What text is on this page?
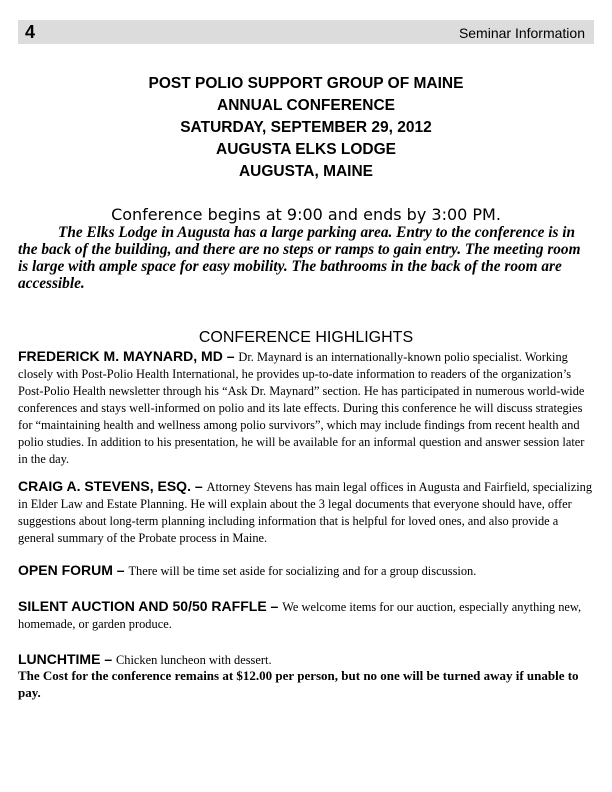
4	Seminar Information
POST POLIO SUPPORT GROUP OF MAINE
ANNUAL CONFERENCE
SATURDAY, SEPTEMBER 29, 2012
AUGUSTA ELKS LODGE
AUGUSTA, MAINE
Conference begins at 9:00 and ends by 3:00 PM.

The Elks Lodge in Augusta has a large parking area. Entry to the conference is in the back of the building, and there are no steps or ramps to gain entry. The meeting room is large with ample space for easy mobility. The bathrooms in the back of the room are accessible.

CONFERENCE HIGHLIGHTS

FREDERICK M. MAYNARD, MD – Dr. Maynard is an internationally-known polio specialist. Working closely with Post-Polio Health International, he provides up-to-date information to readers of the organization’s Post-Polio Health newsletter through his “Ask Dr. Maynard” section. He has participated in numerous world-wide conferences and stays well-informed on polio and its late effects. During this conference he will discuss strategies for “maintaining health and wellness among polio survivors”, which may include findings from recent health and polio studies. In addition to his presentation, he will be available for an informal question and answer session later in the day.

CRAIG A. STEVENS, ESQ. – Attorney Stevens has main legal offices in Augusta and Fairfield, specializing in Elder Law and Estate Planning. He will explain about the 3 legal documents that everyone should have, offer suggestions about long-term planning including information that is helpful for loved ones, and also provide a general summary of the Probate process in Maine.

OPEN FORUM – There will be time set aside for socializing and for a group discussion.

SILENT AUCTION AND 50/50 RAFFLE – We welcome items for our auction, especially anything new, homemade, or garden produce.

LUNCHTIME – Chicken luncheon with dessert.

The Cost for the conference remains at $12.00 per person, but no one will be turned away if unable to pay.
